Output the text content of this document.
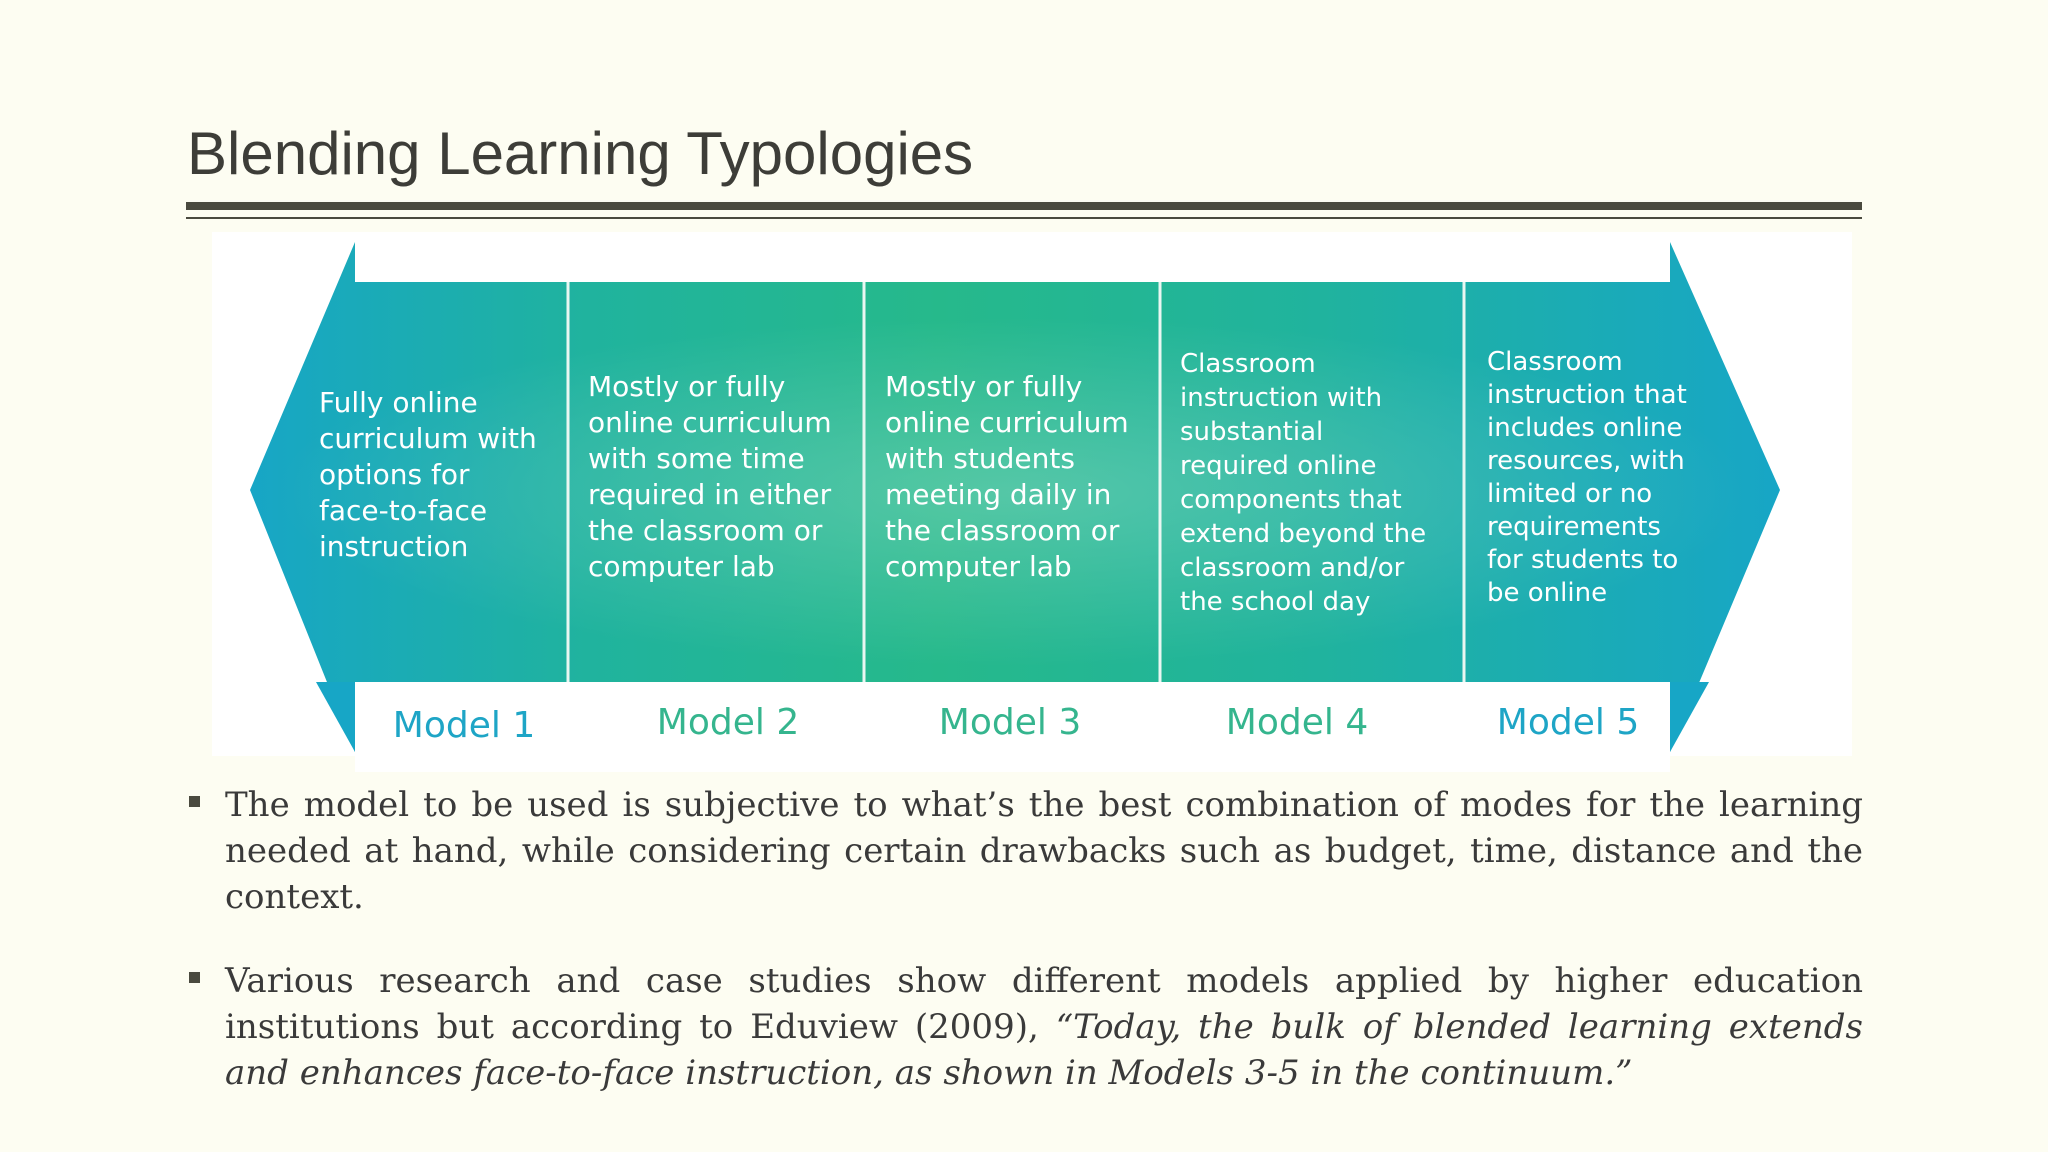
Blending Learning Typologies
Fully online curriculum with options for face-to-face instruction
Mostly or fully online curriculum with some time required in either the classroom or computer lab
Mostly or fully online curriculum with students meeting daily in the classroom or computer lab
Classroom instruction with substantial required online components that extend beyond the classroom and/or the school day
Classroom instruction that includes online resources, with limited or no requirements for students to be online
Model 1	Model 2	Model 3	Model 4	Model 5
The model to be used is subjective to what’s the best combination of modes for the learning needed at hand, while considering certain drawbacks such as budget, time, distance and the context.
Various research and case studies show different models applied by higher education institutions but according to Eduview (2009), “Today, the bulk of blended learning extends and enhances face-to-face instruction, as shown in Models 3-5 in the continuum.”
